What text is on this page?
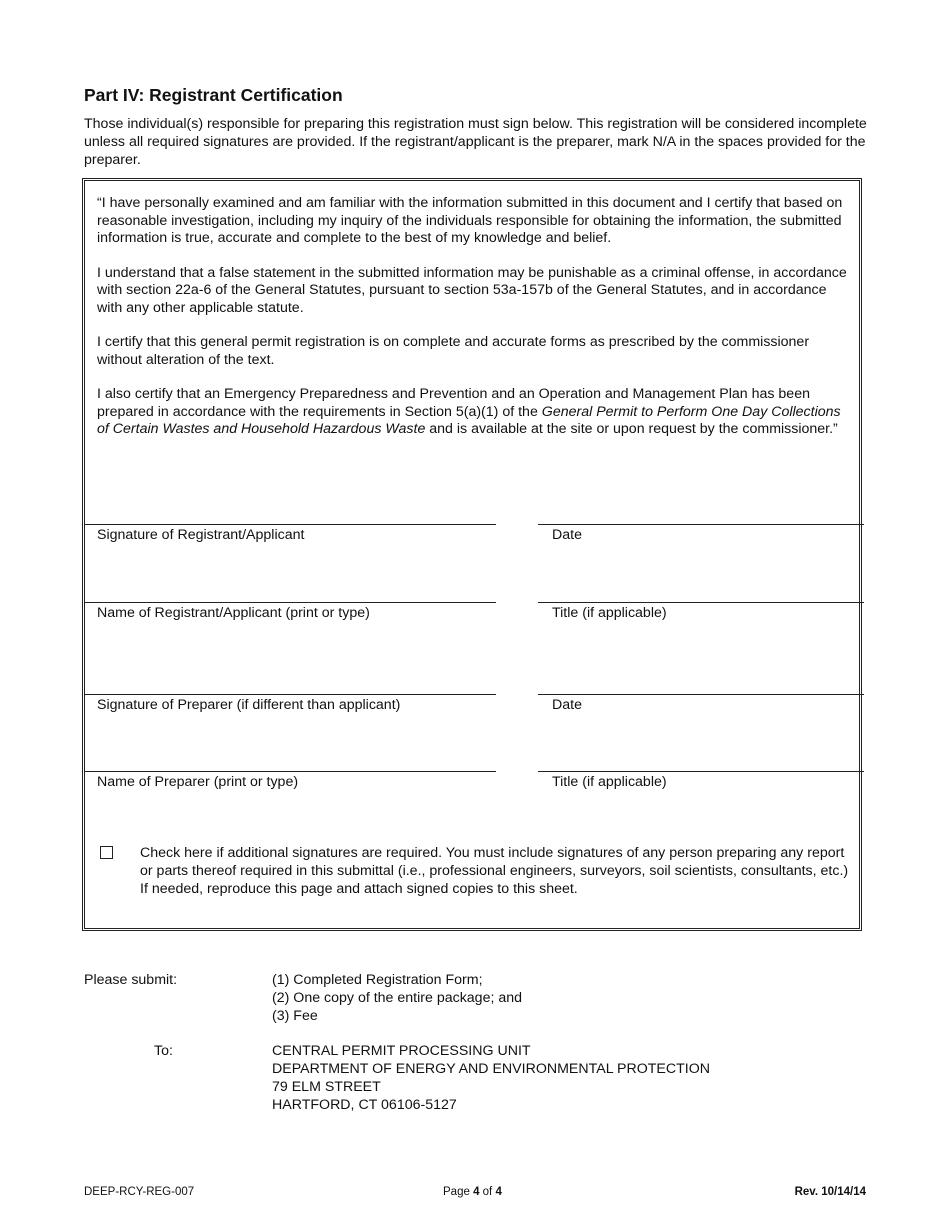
Part IV: Registrant Certification

Those individual(s) responsible for preparing this registration must sign below. This registration will be considered incomplete unless all required signatures are provided. If the registrant/applicant is the preparer, mark N/A in the spaces provided for the preparer.

“I have personally examined and am familiar with the information submitted in this document and I certify that based on reasonable investigation, including my inquiry of the individuals responsible for obtaining the information, the submitted information is true, accurate and complete to the best of my knowledge and belief.

I understand that a false statement in the submitted information may be punishable as a criminal offense, in accordance with section 22a-6 of the General Statutes, pursuant to section 53a-157b of the General Statutes, and in accordance with any other applicable statute.

I certify that this general permit registration is on complete and accurate forms as prescribed by the commissioner without alteration of the text.

I also certify that an Emergency Preparedness and Prevention and an Operation and Management Plan has been prepared in accordance with the requirements in Section 5(a)(1) of the General Permit to Perform One Day Collections of Certain Wastes and Household Hazardous Waste and is available at the site or upon request by the commissioner.”

Signature of Registrant/Applicant	Date
Name of Registrant/Applicant (print or type)	Title (if applicable)
Signature of Preparer (if different than applicant)	Date
Name of Preparer (print or type)	Title (if applicable)
Check here if additional signatures are required. You must include signatures of any person preparing any report or parts thereof required in this submittal (i.e., professional engineers, surveyors, soil scientists, consultants, etc.)
If needed, reproduce this page and attach signed copies to this sheet.
Please submit:	(1) Completed Registration Form;
(2) One copy of the entire package; and
(3) Fee
To:	CENTRAL PERMIT PROCESSING UNIT
DEPARTMENT OF ENERGY AND ENVIRONMENTAL PROTECTION
79 ELM STREET
HARTFORD, CT 06106-5127
DEEP-RCY-REG-007	Page 4 of 4	Rev. 10/14/14
